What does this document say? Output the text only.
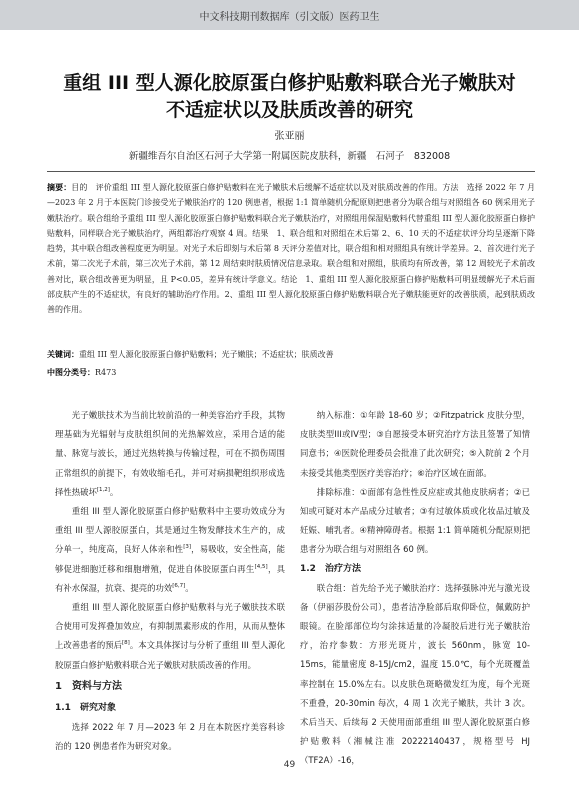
中文科技期刊数据库（引文版）医药卫生
重组 III 型人源化胶原蛋白修护贴敷料联合光子嫩肤对
不适症状以及肤质改善的研究
张亚丽
新疆维吾尔自治区石河子大学第一附属医院皮肤科，新疆　石河子　832008
摘要：目的　评价重组 III 型人源化胶原蛋白修护贴敷料在光子嫩肤术后缓解不适症状以及对肤质改善的作用。方法　选择 2022 年 7 月—2023 年 2 月于本医院门诊接受光子嫩肤治疗的 120 例患者，根据 1:1 简单随机分配原则把患者分为联合组与对照组各 60 例采用光子嫩肤治疗。联合组给予重组 III 型人源化胶原蛋白修护贴敷料联合光子嫩肤治疗，对照组用保湿贴敷料代替重组 III 型人源化胶原蛋白修护贴敷料，同样联合光子嫩肤治疗，两组都治疗观察 4 周。结果　1、联合组和对照组在术后第 2、6、10 天的不适症状评分均呈逐渐下降趋势，其中联合组改善程度更为明显。对光子术后即刻与术后第 8 天评分差值对比，联合组和相对照组具有统计学差异。2、首次进行光子术前，第二次光子术前，第三次光子术前，第 12 周结束时肤质情况信息录取。联合组和对照组，肤质均有所改善，第 12 周较光子术前改善对比，联合组改善更为明显，且 P<0.05，差异有统计学意义。结论　1、重组 III 型人源化胶原蛋白修护贴敷料可明显缓解光子术后面部皮肤产生的不适症状，有良好的辅助治疗作用。2、重组 III 型人源化胶原蛋白修护贴敷料联合光子嫩肤能更好的改善肤质，起到肤质改善的作用。
关键词：重组 III 型人源化胶原蛋白修护贴敷料；光子嫩肤；不适症状；肤质改善
中图分类号：R473

光子嫩肤技术为当前比较前沿的一种美容治疗手段，其物理基础为光辐射与皮肤组织间的光热解效应，采用合适的能量、脉宽与波长，通过光热转换与传输过程，可在不损伤周围正常组织的前提下，有效收缩毛孔，并可对病损靶组织形成选择性热破坏[1,2]。

重组 III 型人源化胶原蛋白修护贴敷料中主要功效成分为重组 III 型人源胶原蛋白，其是通过生物发酵技术生产的，成分单一，纯度高，良好人体亲和性[3]，易吸收，安全性高，能够促进细胞迁移和细胞增殖，促进自体胶原蛋白再生[4,5]，具有补水保湿，抗衰、提亮的功效[6,7]。

重组 III 型人源化胶原蛋白修护贴敷料与光子嫩肤技术联合使用可发挥叠加效应，有抑制黑素形成的作用，从而从整体上改善患者的预后[8]。本文具体探讨与分析了重组 III 型人源化胶原蛋白修护贴敷料联合光子嫩肤对肤质改善的作用。

1　资料与方法
1.1　研究对象

选择 2022 年 7 月—2023 年 2 月在本院医疗美容科诊治的 120 例患者作为研究对象。

纳入标准：①年龄 18-60 岁；②Fitzpatrick 皮肤分型，皮肤类型III或IV型；③自愿接受本研究治疗方法且签署了知情同意书；④医院伦理委员会批准了此次研究；⑤入院前 2 个月未接受其他类型医疗美容治疗；⑥治疗区域在面部。

排除标准：①面部有急性性反应症或其他皮肤病者；②已知或可疑对本产品成分过敏者；③有过敏体质或化妆品过敏及妊娠、哺乳者。④精神障碍者。根据 1:1 简单随机分配原则把患者分为联合组与对照组各 60 例。

1.2　治疗方法

联合组：首先给予光子嫩肤治疗：选择强脉冲光与激光设备（伊丽莎股份公司），患者洁净脸部后取仰卧位，佩戴防护眼镜。在脸部部位均匀涂抹适量的冷凝胶后进行光子嫩肤治疗，治疗参数：方形光斑片，波长 560nm，脉宽 10-15ms，能量密度 8-15J/cm2，温度 15.0℃，每个光斑覆盖率控制在 15.0%左右。以皮肤色斑略微发红为度，每个光斑不重叠，20-30min 每次，4 周 1 次光子嫩肤，共计 3 次。术后当天、后续每 2 天使用面部重组 III 型人源化胶原蛋白修护贴敷料（湘械注准 20222140437，规格型号 HJ（TF2A）-16，

49
